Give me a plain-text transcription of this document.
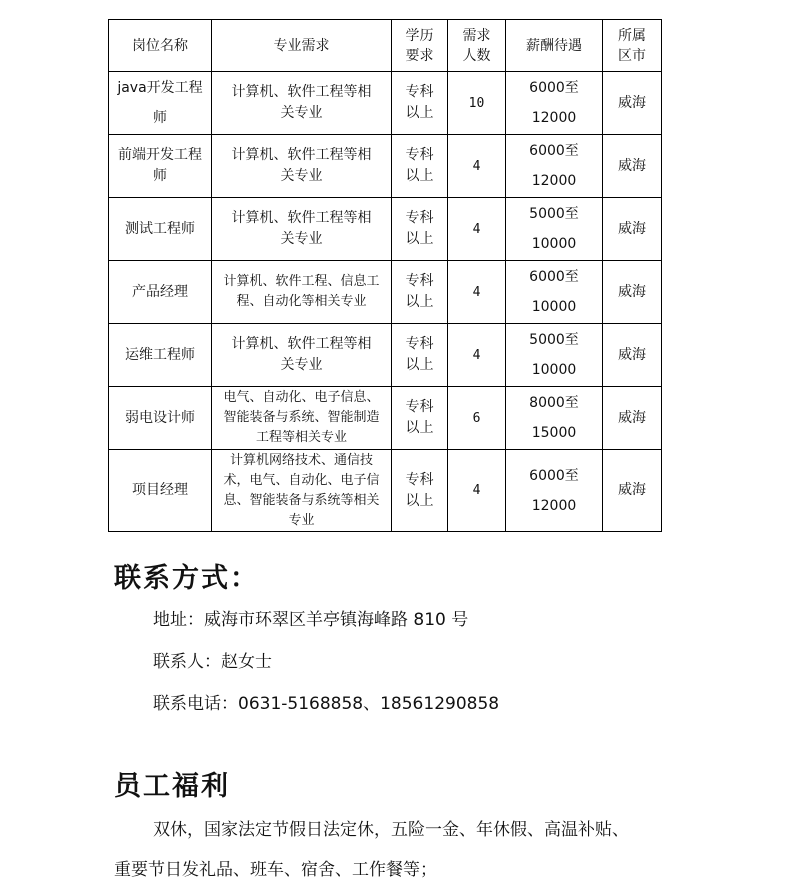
岗位名称	专业需求	学历要求	需求人数	薪酬待遇	所属区市
java开发工程师	计算机、软件工程等相关专业	专科以上	10	6000至12000	威海
前端开发工程师	计算机、软件工程等相关专业	专科以上	4	6000至12000	威海
测试工程师	计算机、软件工程等相关专业	专科以上	4	5000至10000	威海
产品经理	计算机、软件工程、信息工程、自动化等相关专业	专科以上	4	6000至10000	威海
运维工程师	计算机、软件工程等相关专业	专科以上	4	5000至10000	威海
弱电设计师	电气、自动化、电子信息、智能装备与系统、智能制造工程等相关专业	专科以上	6	8000至15000	威海
项目经理	计算机网络技术、通信技术，电气、自动化、电子信息、智能装备与系统等相关专业	专科以上	4	6000至12000	威海
联系方式：
地址：威海市环翠区羊亭镇海峰路 810 号
联系人：赵女士
联系电话：0631-5168858、18561290858
员工福利
双休，国家法定节假日法定休，五险一金、年休假、高温补贴、
重要节日发礼品、班车、宿舍、工作餐等；
